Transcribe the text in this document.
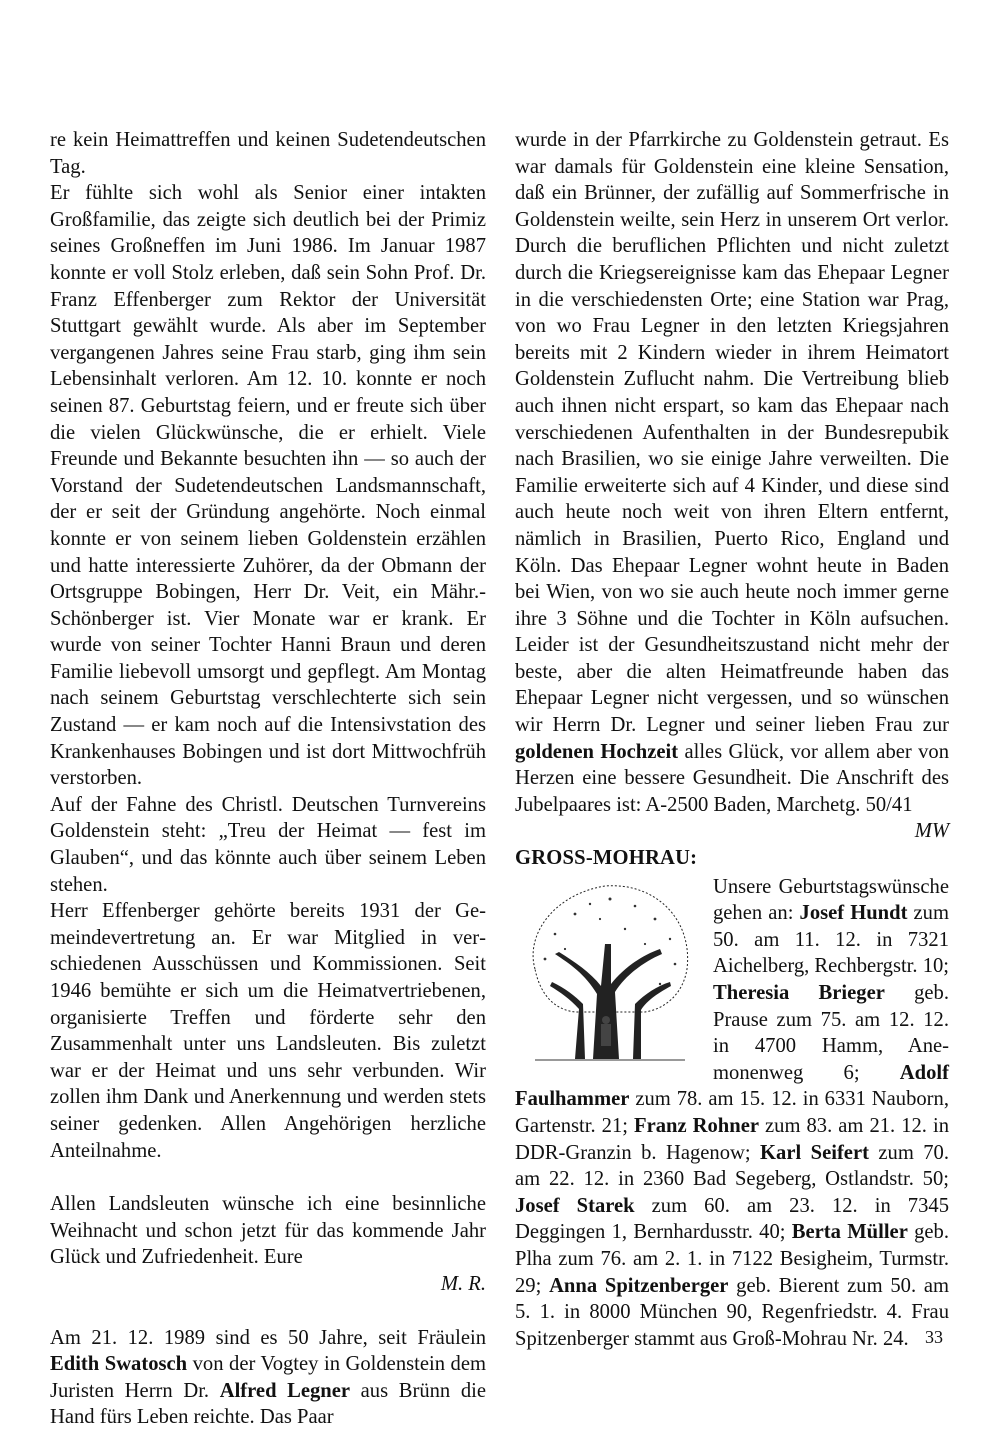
re kein Heimattreffen und keinen Sudetendeutschen Tag.

Er fühlte sich wohl als Senior einer intakten Großfamilie, das zeigte sich deutlich bei der Primiz seines Großneffen im Juni 1986. Im Januar 1987 konnte er voll Stolz erleben, daß sein Sohn Prof. Dr. Franz Effenberger zum Rektor der Universität Stuttgart gewählt wurde. Als aber im September vergangenen Jahres seine Frau starb, ging ihm sein Lebensinhalt verloren. Am 12. 10. konnte er noch seinen 87. Geburtstag feiern, und er freute sich über die vielen Glückwünsche, die er erhielt. Viele Freunde und Bekannte besuchten ihn — so auch der Vorstand der Sudetendeutschen Landsmannschaft, der er seit der Gründung angehörte. Noch einmal konnte er von seinem lieben Goldenstein erzählen und hatte interessierte Zuhörer, da der Obmann der Ortsgruppe Bobingen, Herr Dr. Veit, ein Mähr.-Schönberger ist. Vier Monate war er krank. Er wurde von seiner Tochter Hanni Braun und deren Familie liebevoll umsorgt und gepflegt. Am Montag nach seinem Geburtstag verschlechterte sich sein Zustand — er kam noch auf die Intensivstation des Krankenhauses Bobingen und ist dort Mittwochfrüh verstorben.

Auf der Fahne des Christl. Deutschen Turnvereins Goldenstein steht: „Treu der Heimat — fest im Glauben“, und das könnte auch über seinem Leben stehen.

Herr Effenberger gehörte bereits 1931 der Gemeindevertretung an. Er war Mitglied in verschiedenen Ausschüssen und Kommissionen. Seit 1946 bemühte er sich um die Heimatvertriebenen, organisierte Treffen und förderte sehr den Zusammenhalt unter uns Landsleuten. Bis zuletzt war er der Heimat und uns sehr verbunden. Wir zollen ihm Dank und Anerkennung und werden stets seiner gedenken. Allen Angehörigen herzliche Anteilnahme.

Allen Landsleuten wünsche ich eine besinnliche Weihnacht und schon jetzt für das kommende Jahr Glück und Zufriedenheit. Eure

M. R.

Am 21. 12. 1989 sind es 50 Jahre, seit Fräulein Edith Swatosch von der Vogtey in Goldenstein dem Juristen Herrn Dr. Alfred Legner aus Brünn die Hand fürs Leben reichte. Das Paar

wurde in der Pfarrkirche zu Goldenstein getraut. Es war damals für Goldenstein eine kleine Sensation, daß ein Brünner, der zufällig auf Sommerfrische in Goldenstein weilte, sein Herz in unserem Ort verlor. Durch die beruflichen Pflichten und nicht zuletzt durch die Kriegsereignisse kam das Ehepaar Legner in die verschiedensten Orte; eine Station war Prag, von wo Frau Legner in den letzten Kriegsjahren bereits mit 2 Kindern wieder in ihrem Heimatort Goldenstein Zuflucht nahm. Die Vertreibung blieb auch ihnen nicht erspart, so kam das Ehepaar nach verschiedenen Aufenthalten in der Bundesrepubik nach Brasilien, wo sie einige Jahre verweilten. Die Familie erweiterte sich auf 4 Kinder, und diese sind auch heute noch weit von ihren Eltern entfernt, nämlich in Brasilien, Puerto Rico, England und Köln. Das Ehepaar Legner wohnt heute in Baden bei Wien, von wo sie auch heute noch immer gerne ihre 3 Söhne und die Tochter in Köln aufsuchen. Leider ist der Gesundheitszustand nicht mehr der beste, aber die alten Heimatfreunde haben das Ehepaar Legner nicht vergessen, und so wünschen wir Herrn Dr. Legner und seiner lieben Frau zur goldenen Hochzeit alles Glück, vor allem aber von Herzen eine bessere Gesundheit. Die Anschrift des Jubelpaares ist: A-2500 Baden, Marchetg. 50/41

MW

GROSS-MOHRAU:

Unsere Geburtstagswünsche gehen an: Josef Hundt zum 50. am 11. 12. in 7321 Aichelberg, Rechbergstr. 10; Theresia Brieger geb. Prause zum 75. am 12. 12. in 4700 Hamm, Anemonenweg 6; Adolf Faulhammer zum 78. am 15. 12. in 6331 Nauborn, Gartenstr. 21; Franz Rohner zum 83. am 21. 12. in DDR-Granzin b. Hagenow; Karl Seifert zum 70. am 22. 12. in 2360 Bad Segeberg, Ostlandstr. 50; Josef Starek zum 60. am 23. 12. in 7345 Deggingen 1, Bernhardusstr. 40; Berta Müller geb. Plha zum 76. am 2. 1. in 7122 Besigheim, Turmstr. 29; Anna Spitzenberger geb. Bierent zum 50. am 5. 1. in 8000 München 90, Regenfriedstr. 4. Frau Spitzenberger stammt aus Groß-Mohrau Nr. 24. 33
